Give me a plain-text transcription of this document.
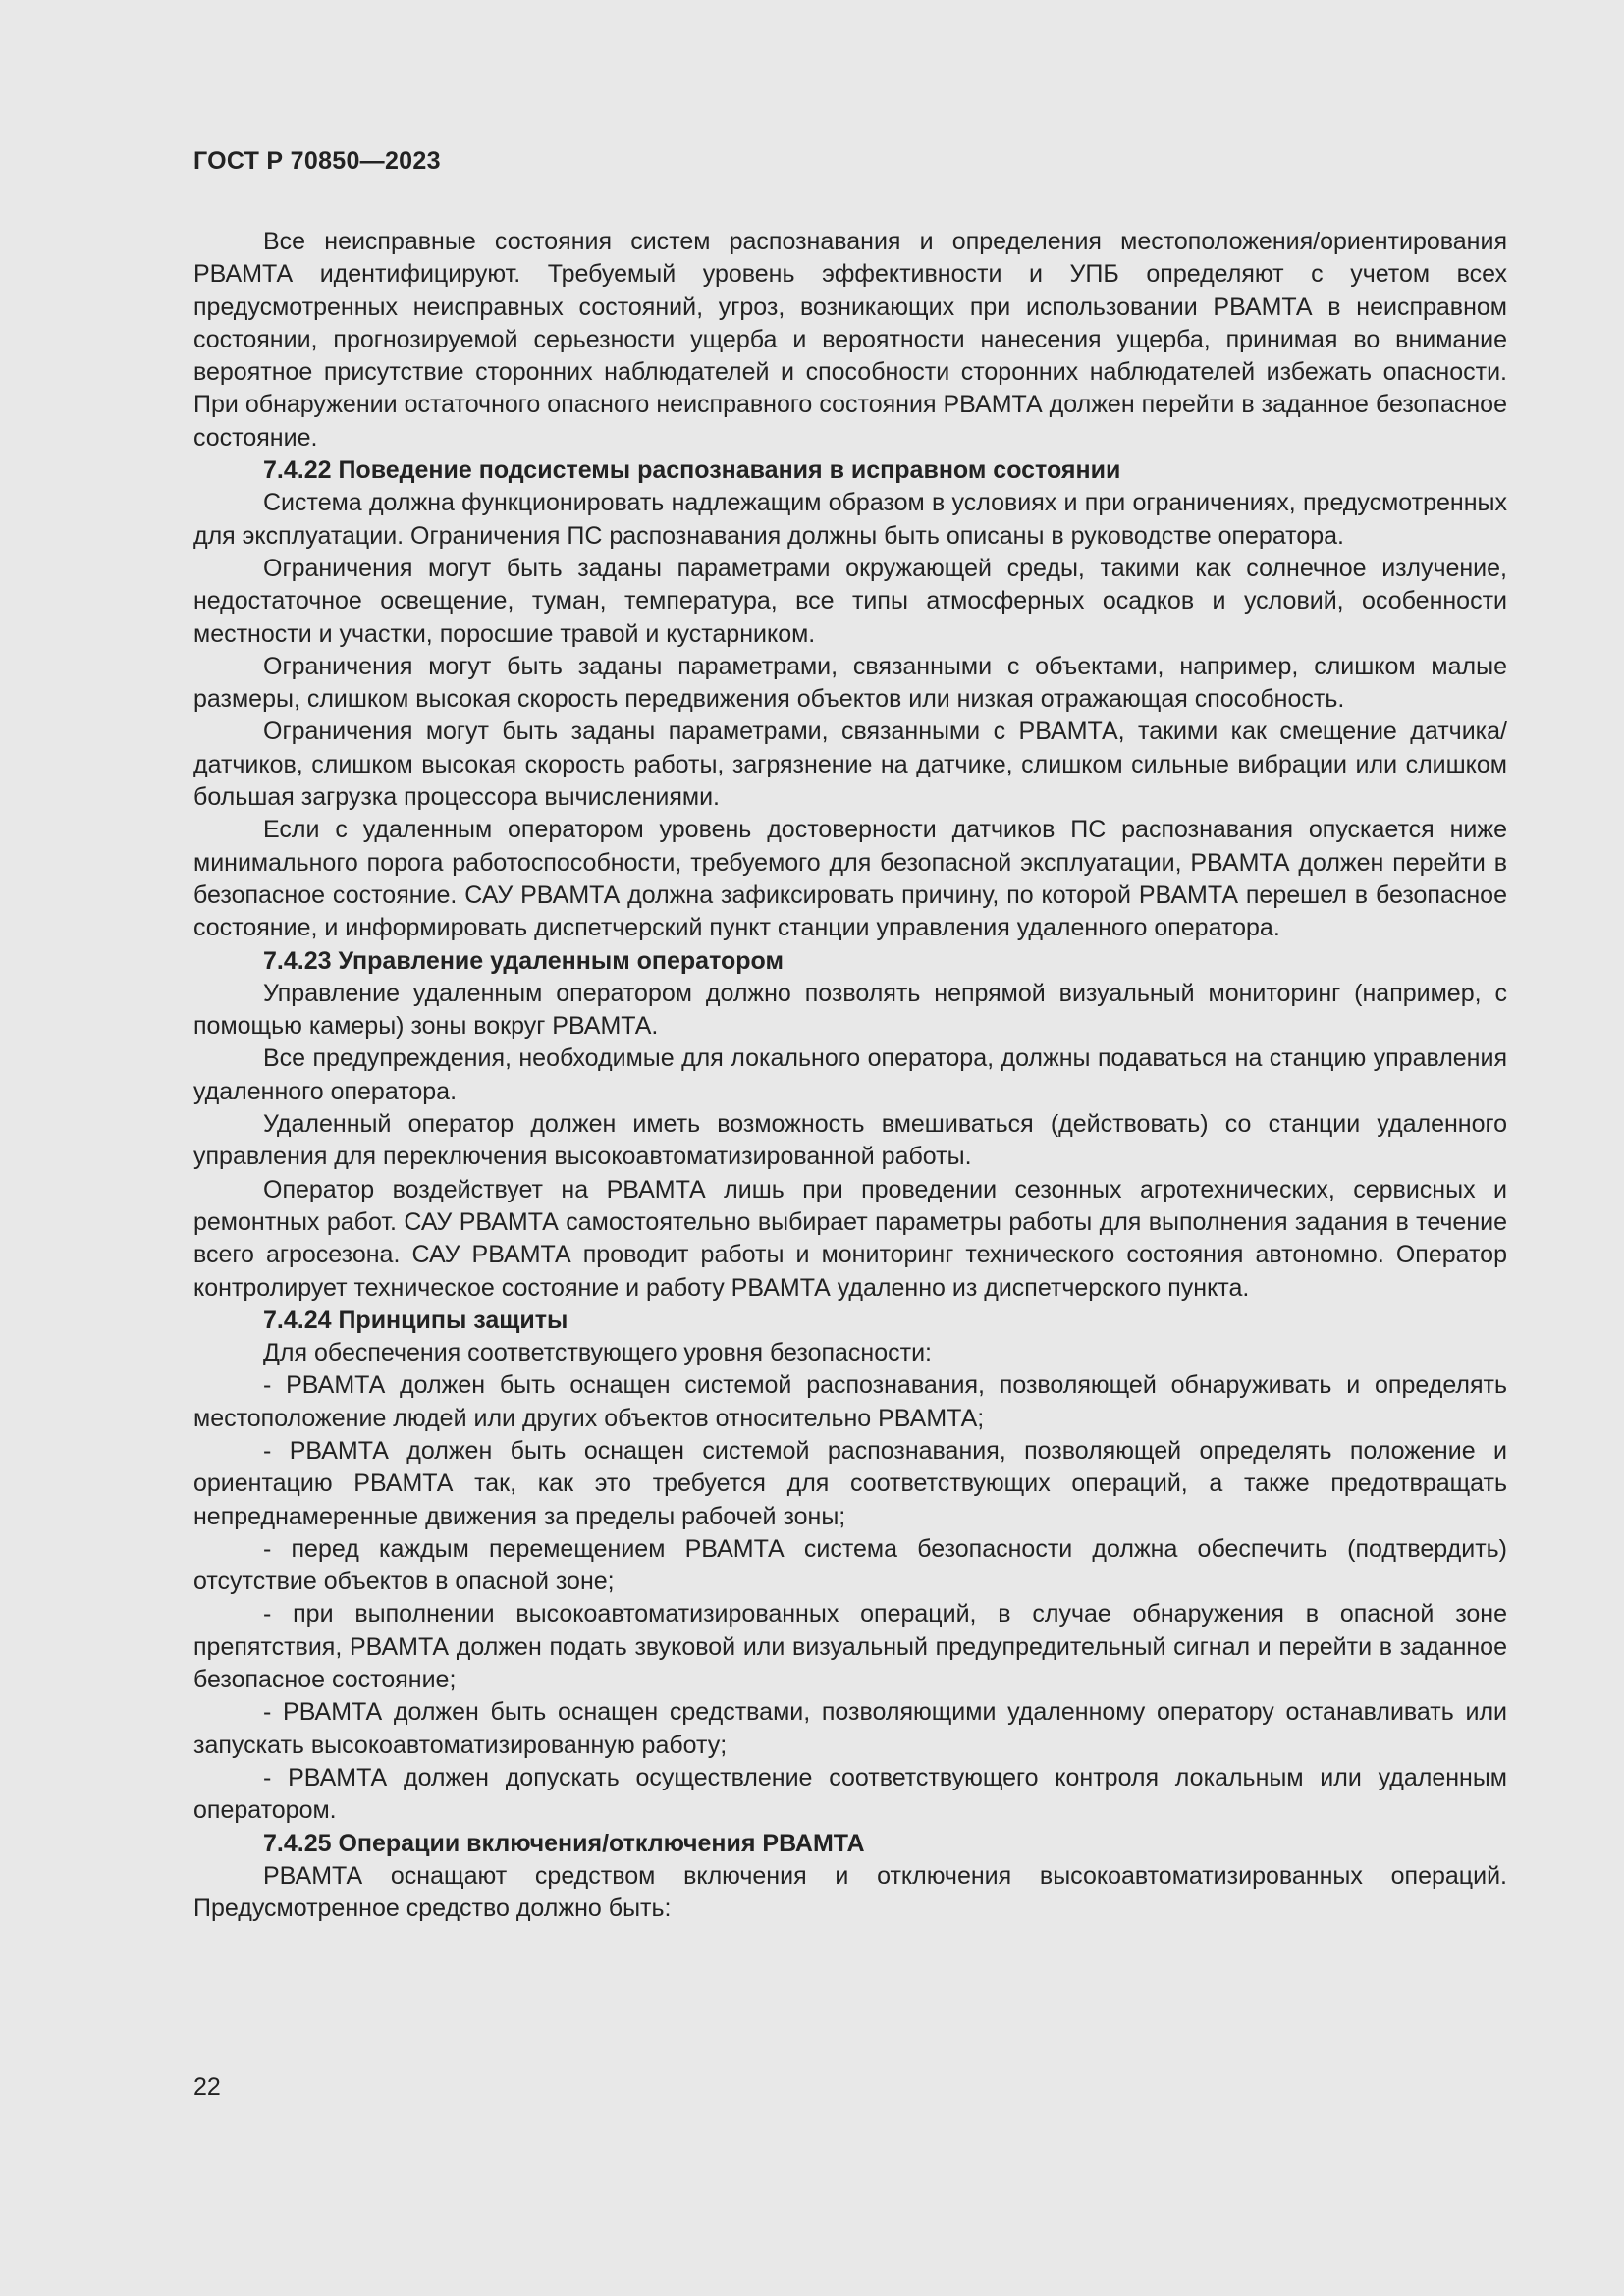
ГОСТ Р 70850—2023

Все неисправные состояния систем распознавания и определения местоположения/ориентирования РВАМТА идентифицируют. Требуемый уровень эффективности и УПБ определяют с учетом всех предусмотренных неисправных состояний, угроз, возникающих при использовании РВАМТА в неисправном состоянии, прогнозируемой серьезности ущерба и вероятности нанесения ущерба, принимая во внимание вероятное присутствие сторонних наблюдателей и способности сторонних наблюдателей избежать опасности. При обнаружении остаточного опасного неисправного состояния РВАМТА должен перейти в заданное безопасное состояние.

7.4.22 Поведение подсистемы распознавания в исправном состоянии

Система должна функционировать надлежащим образом в условиях и при ограничениях, предусмотренных для эксплуатации. Ограничения ПС распознавания должны быть описаны в руководстве оператора.

Ограничения могут быть заданы параметрами окружающей среды, такими как солнечное излучение, недостаточное освещение, туман, температура, все типы атмосферных осадков и условий, особенности местности и участки, поросшие травой и кустарником.

Ограничения могут быть заданы параметрами, связанными с объектами, например, слишком малые размеры, слишком высокая скорость передвижения объектов или низкая отражающая способность.

Ограничения могут быть заданы параметрами, связанными с РВАМТА, такими как смещение датчика/датчиков, слишком высокая скорость работы, загрязнение на датчике, слишком сильные вибрации или слишком большая загрузка процессора вычислениями.

Если с удаленным оператором уровень достоверности датчиков ПС распознавания опускается ниже минимального порога работоспособности, требуемого для безопасной эксплуатации, РВАМТА должен перейти в безопасное состояние. САУ РВАМТА должна зафиксировать причину, по которой РВАМТА перешел в безопасное состояние, и информировать диспетчерский пункт станции управления удаленного оператора.

7.4.23 Управление удаленным оператором

Управление удаленным оператором должно позволять непрямой визуальный мониторинг (например, с помощью камеры) зоны вокруг РВАМТА.

Все предупреждения, необходимые для локального оператора, должны подаваться на станцию управления удаленного оператора.

Удаленный оператор должен иметь возможность вмешиваться (действовать) со станции удаленного управления для переключения высокоавтоматизированной работы.

Оператор воздействует на РВАМТА лишь при проведении сезонных агротехнических, сервисных и ремонтных работ. САУ РВАМТА самостоятельно выбирает параметры работы для выполнения задания в течение всего агросезона. САУ РВАМТА проводит работы и мониторинг технического состояния автономно. Оператор контролирует техническое состояние и работу РВАМТА удаленно из диспетчерского пункта.

7.4.24 Принципы защиты

Для обеспечения соответствующего уровня безопасности:

- РВАМТА должен быть оснащен системой распознавания, позволяющей обнаруживать и определять местоположение людей или других объектов относительно РВАМТА;

- РВАМТА должен быть оснащен системой распознавания, позволяющей определять положение и ориентацию РВАМТА так, как это требуется для соответствующих операций, а также предотвращать непреднамеренные движения за пределы рабочей зоны;

- перед каждым перемещением РВАМТА система безопасности должна обеспечить (подтвердить) отсутствие объектов в опасной зоне;

- при выполнении высокоавтоматизированных операций, в случае обнаружения в опасной зоне препятствия, РВАМТА должен подать звуковой или визуальный предупредительный сигнал и перейти в заданное безопасное состояние;

- РВАМТА должен быть оснащен средствами, позволяющими удаленному оператору останавливать или запускать высокоавтоматизированную работу;

- РВАМТА должен допускать осуществление соответствующего контроля локальным или удаленным оператором.

7.4.25 Операции включения/отключения РВАМТА

РВАМТА оснащают средством включения и отключения высокоавтоматизированных операций. Предусмотренное средство должно быть:

22
